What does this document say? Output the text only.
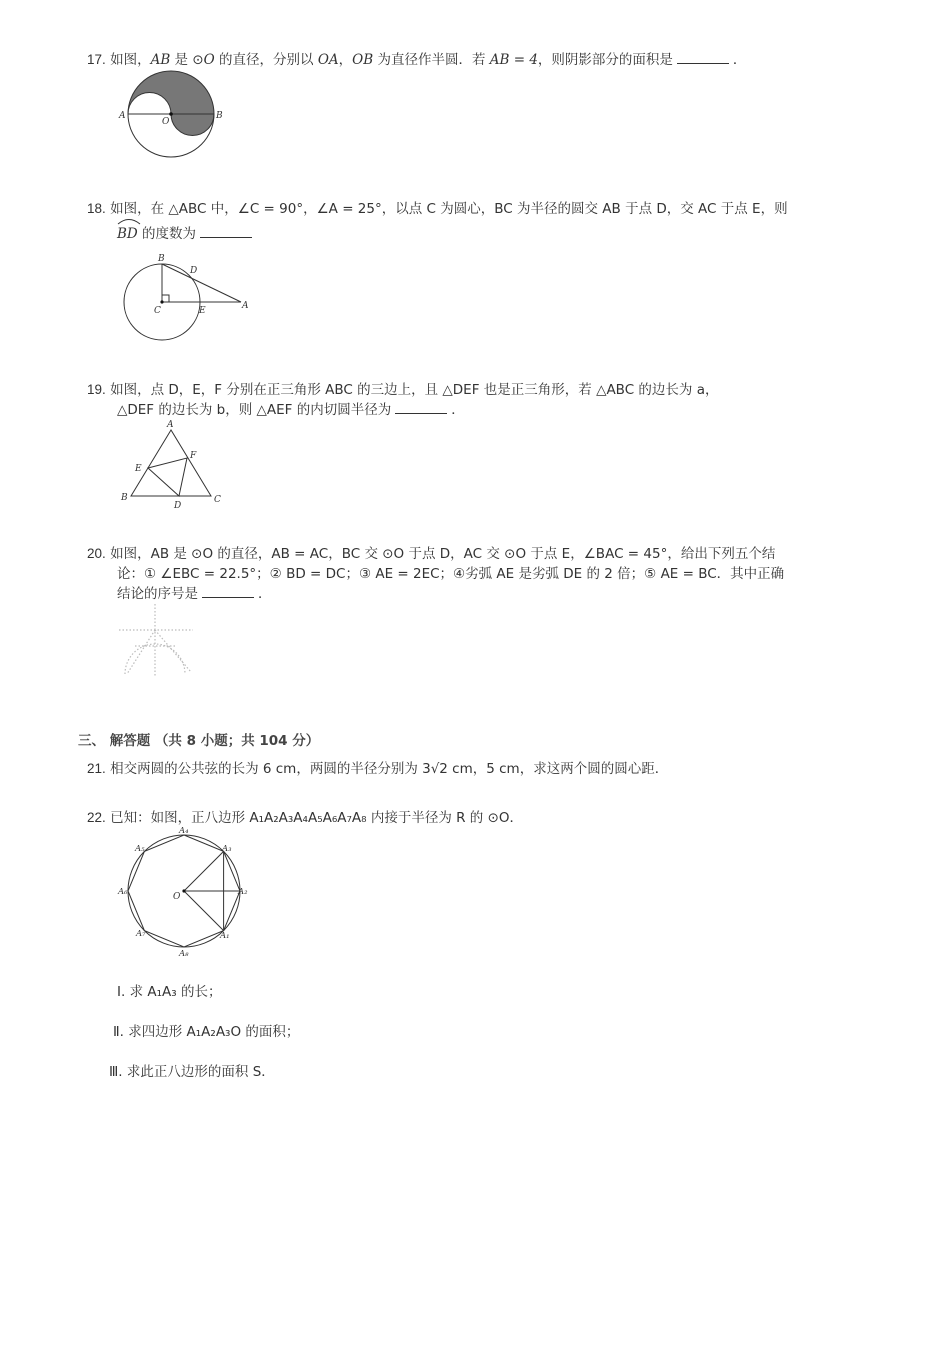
17. 如图，AB 是 ⊙O 的直径，分别以 OA，OB 为直径作半圆．若 AB = 4，则阴影部分的面积是	．
A
O
B
18. 如图，在 △ABC 中，∠C = 90°，∠A = 25°，以点 C 为圆心，BC 为半径的圆交 AB 于点 D，交 AC 于点 E，则
BD 的度数为
B
D
C	E	A
19. 如图，点 D，E，F 分别在正三角形 ABC 的三边上，且 △DEF 也是正三角形，若 △ABC 的边长为 a，
△DEF 的边长为 b，则 △AEF 的内切圆半径为	．
A
E
F
B
D
C
20. 如图，AB 是 ⊙O 的直径，AB = AC，BC 交 ⊙O 于点 D，AC 交 ⊙O 于点 E，∠BAC = 45°，给出下列五个结
论：① ∠EBC = 22.5°；② BD = DC；③ AE = 2EC；④劣弧 AE 是劣弧 DE 的 2 倍；⑤ AE = BC．其中正确
结论的序号是	．
三、 解答题 （共 8 小题；共 104 分）
21. 相交两圆的公共弦的长为 6 cm，两圆的半径分别为 3√2 cm，5 cm，求这两个圆的圆心距．
22. 已知：如图，正八边形 A₁A₂A₃A₄A₅A₆A₇A₈ 内接于半径为 R 的 ⊙O．
A₄
A₃
A₅
A₆	A₂
A₇	A₁
A₈
O
Ⅰ. 求 A₁A₃ 的长；
Ⅱ. 求四边形 A₁A₂A₃O 的面积；
Ⅲ. 求此正八边形的面积 S．
